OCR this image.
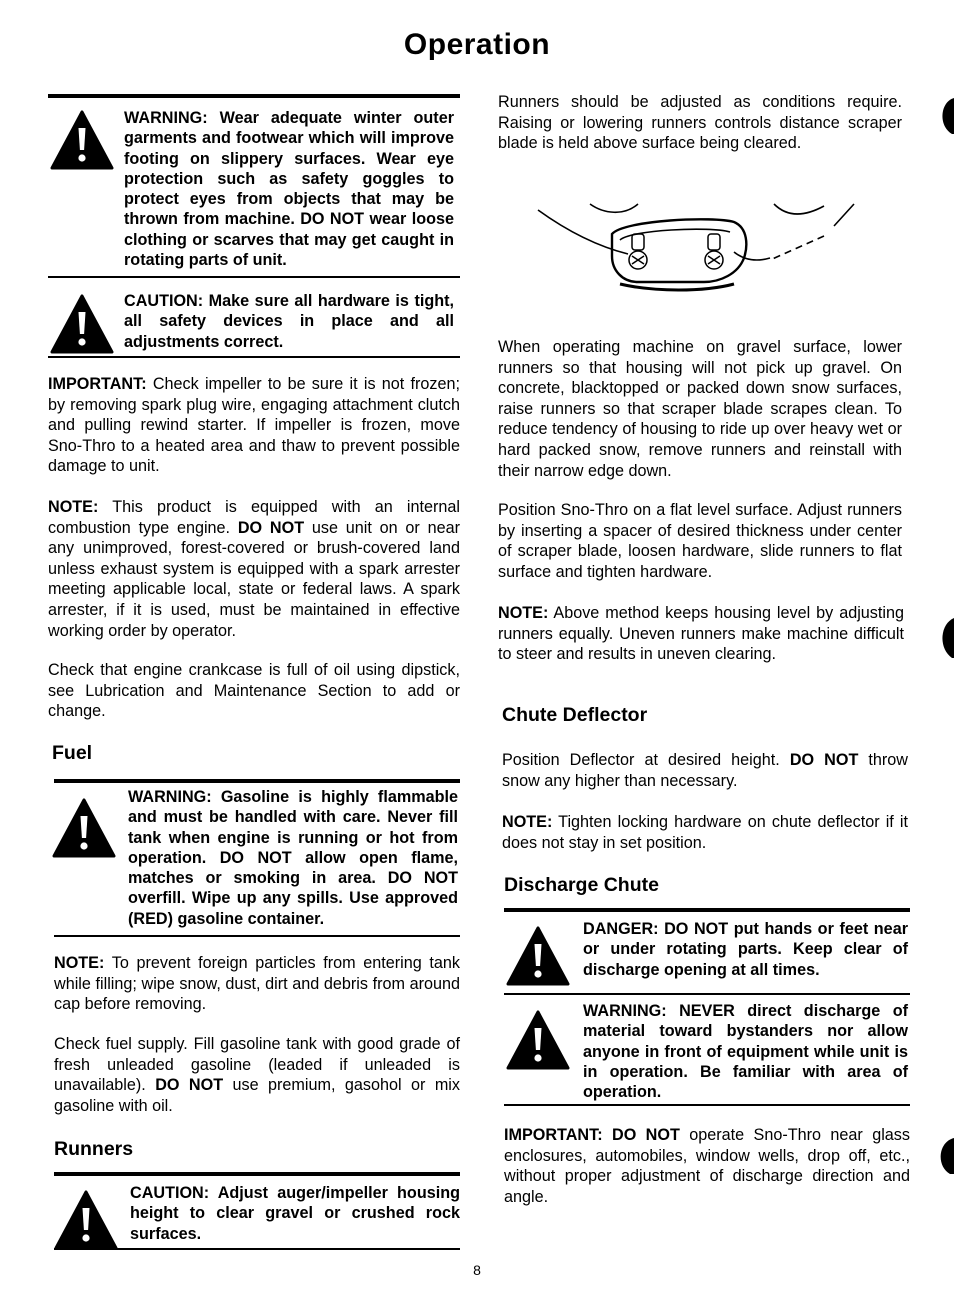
Operation
WARNING: Wear adequate winter outer garments and footwear which will improve footing on slippery surfaces. Wear eye protection such as safety goggles to protect eyes from objects that may be thrown from machine. DO NOT wear loose clothing or scarves that may get caught in rotating parts of unit.
CAUTION: Make sure all hardware is tight, all safety devices in place and all adjustments correct.
IMPORTANT: Check impeller to be sure it is not frozen; by removing spark plug wire, engaging attachment clutch and pulling rewind starter. If impeller is frozen, move Sno-Thro to a heated area and thaw to prevent possible damage to unit.
NOTE: This product is equipped with an internal combustion type engine. DO NOT use unit on or near any unimproved, forest-covered or brush-covered land unless exhaust system is equipped with a spark arrester meeting applicable local, state or federal laws. A spark arrester, if it is used, must be maintained in effective working order by operator.
Check that engine crankcase is full of oil using dipstick, see Lubrication and Maintenance Section to add or change.
Fuel
WARNING: Gasoline is highly flammable and must be handled with care. Never fill tank when engine is running or hot from operation. DO NOT allow open flame, matches or smoking in area. DO NOT overfill. Wipe up any spills. Use approved (RED) gasoline container.
NOTE: To prevent foreign particles from entering tank while filling; wipe snow, dust, dirt and debris from around cap before removing.
Check fuel supply. Fill gasoline tank with good grade of fresh unleaded gasoline (leaded if unleaded is unavailable). DO NOT use premium, gasohol or mix gasoline with oil.
Runners
CAUTION: Adjust auger/impeller housing height to clear gravel or crushed rock surfaces.
Runners should be adjusted as conditions require. Raising or lowering runners controls distance scraper blade is held above surface being cleared.
When operating machine on gravel surface, lower runners so that housing will not pick up gravel. On concrete, blacktopped or packed down snow surfaces, raise runners so that scraper blade scrapes clean. To reduce tendency of housing to ride up over heavy wet or hard packed snow, remove runners and reinstall with their narrow edge down.
Position Sno-Thro on a flat level surface. Adjust runners by inserting a spacer of desired thickness under center of scraper blade, loosen hardware, slide runners to flat surface and tighten hardware.
NOTE: Above method keeps housing level by adjusting runners equally. Uneven runners make machine difficult to steer and results in uneven clearing.
Chute Deflector
Position Deflector at desired height. DO NOT throw snow any higher than necessary.
NOTE: Tighten locking hardware on chute deflector if it does not stay in set position.
Discharge Chute
DANGER: DO NOT put hands or feet near or under rotating parts. Keep clear of discharge opening at all times.
WARNING: NEVER direct discharge of material toward bystanders nor allow anyone in front of equipment while unit is in operation. Be familiar with area of operation.
IMPORTANT: DO NOT operate Sno-Thro near glass enclosures, automobiles, window wells, drop off, etc., without proper adjustment of discharge direction and angle.
8
